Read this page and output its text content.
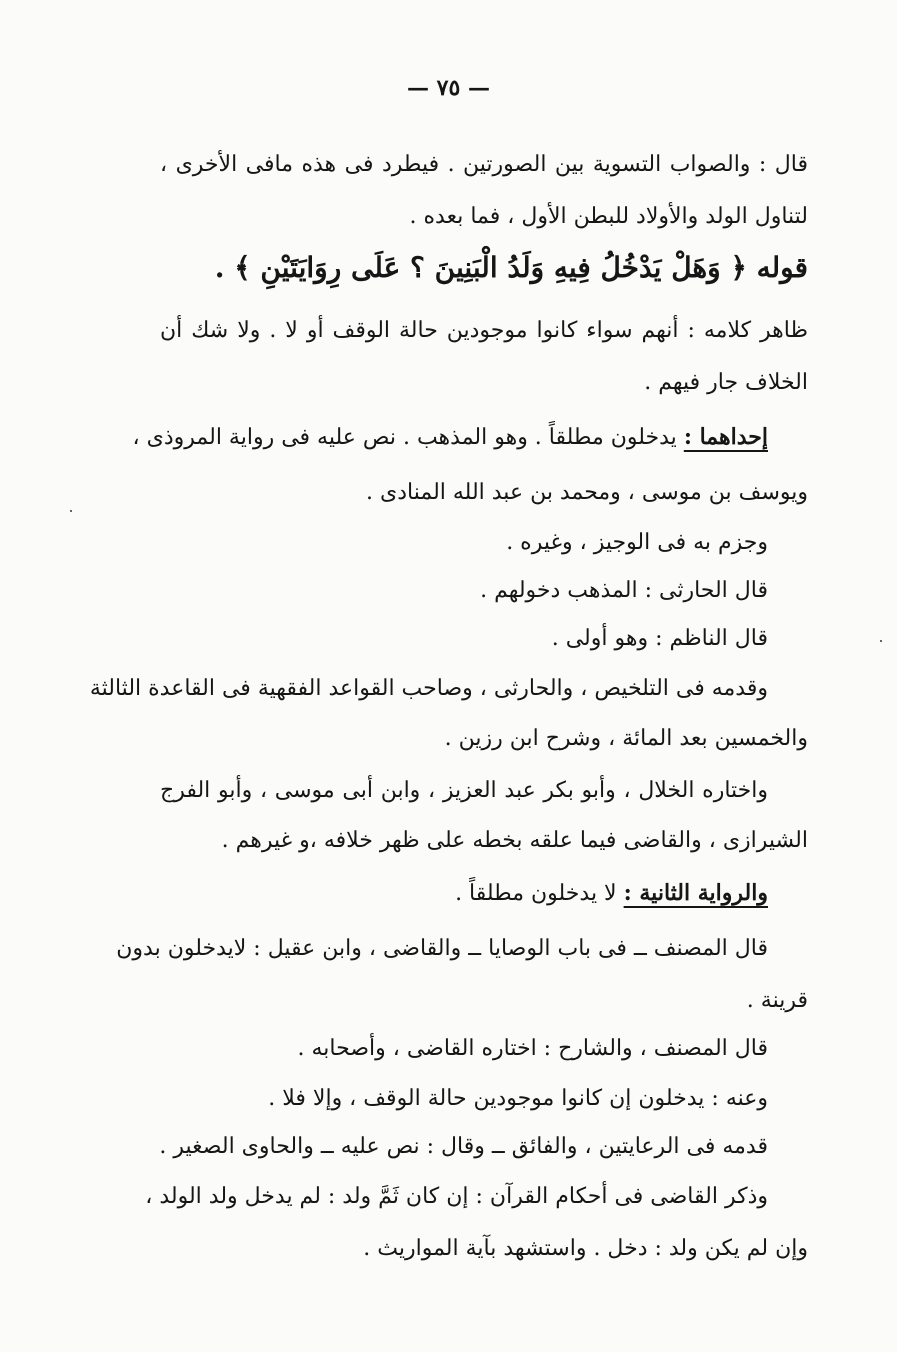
— ٧٥ —
قال : والصواب التسوية بين الصورتين . فيطرد فى هذه مافى الأخرى ،
لتناول الولد والأولاد للبطن الأول ، فما بعده .
قوله ﴿ وَهَلْ يَدْخُلُ فِيهِ وَلَدُ الْبَنِينَ ؟ عَلَى رِوَايَتَيْنِ ﴾ .
ظاهر كلامه : أنهم سواء كانوا موجودين حالة الوقف أو لا . ولا شك أن
الخلاف جار فيهم .
إحداهما : يدخلون مطلقاً . وهو المذهب . نص عليه فى رواية المروذى ،
ويوسف بن موسى ، ومحمد بن عبد الله المنادى .
وجزم به فى الوجيز ، وغيره .
قال الحارثى : المذهب دخولهم .
قال الناظم : وهو أولى .
وقدمه فى التلخيص ، والحارثى ، وصاحب القواعد الفقهية فى القاعدة الثالثة
والخمسين بعد المائة ، وشرح ابن رزين .
واختاره الخلال ، وأبو بكر عبد العزيز ، وابن أبى موسى ، وأبو الفرج
الشيرازى ، والقاضى فيما علقه بخطه على ظهر خلافه ،و غيرهم .
والرواية الثانية : لا يدخلون مطلقاً .
قال المصنف ــ فى باب الوصايا ــ والقاضى ، وابن عقيل : لايدخلون بدون
قرينة .
قال المصنف ، والشارح : اختاره القاضى ، وأصحابه .
وعنه : يدخلون إن كانوا موجودين حالة الوقف ، وإلا فلا .
قدمه فى الرعايتين ، والفائق ــ وقال : نص عليه ــ والحاوى الصغير .
وذكر القاضى فى أحكام القرآن : إن كان ثَمَّ ولد : لم يدخل ولد الولد ،
وإن لم يكن ولد : دخل . واستشهد بآية المواريث .
